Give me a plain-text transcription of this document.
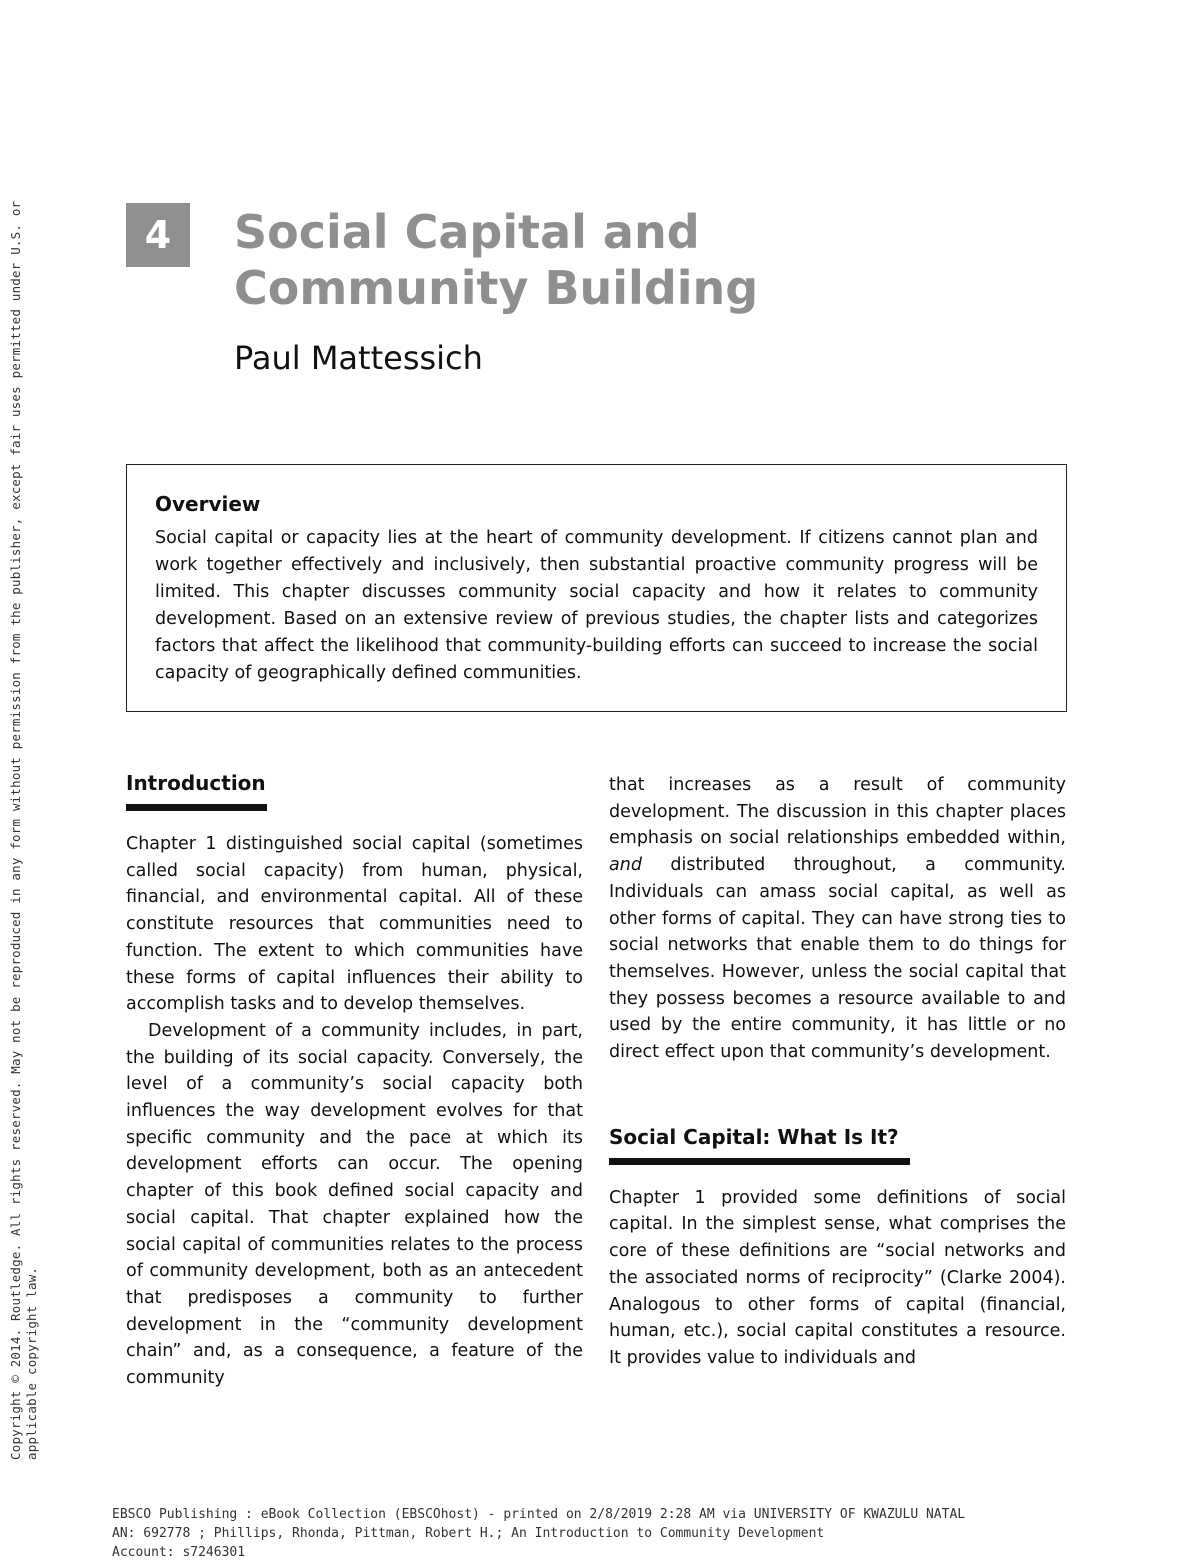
Copyright © 2014. Routledge. All rights reserved. May not be reproduced in any form without permission from the publisher, except fair uses permitted under U.S. or applicable copyright law.
4	Social Capital and
Community Building
Paul Mattessich
Overview

Social capital or capacity lies at the heart of community development. If citizens cannot plan and work together effectively and inclusively, then substantial proactive community progress will be limited. This chapter discusses community social capacity and how it relates to community development. Based on an extensive review of previous studies, the chapter lists and categorizes factors that affect the likelihood that community-building efforts can succeed to increase the social capacity of geographically defined communities.

Introduction

Chapter 1 distinguished social capital (sometimes called social capacity) from human, physical, financial, and environmental capital. All of these constitute resources that communities need to function. The extent to which communities have these forms of capital influences their ability to accomplish tasks and to develop themselves.

Development of a community includes, in part, the building of its social capacity. Conversely, the level of a community’s social capacity both influences the way development evolves for that specific community and the pace at which its development efforts can occur. The opening chapter of this book defined social capacity and social capital. That chapter explained how the social capital of communities relates to the process of community development, both as an antecedent that predisposes a community to further development in the “community development chain” and, as a consequence, a feature of the community

that increases as a result of community development. The discussion in this chapter places emphasis on social relationships embedded within, and distributed throughout, a community. Individuals can amass social capital, as well as other forms of capital. They can have strong ties to social networks that enable them to do things for themselves. However, unless the social capital that they possess becomes a resource available to and used by the entire community, it has little or no direct effect upon that community’s development.

Social Capital: What Is It?

Chapter 1 provided some definitions of social capital. In the simplest sense, what comprises the core of these definitions are “social networks and the associated norms of reciprocity” (Clarke 2004). Analogous to other forms of capital (financial, human, etc.), social capital constitutes a resource. It provides value to individuals and

EBSCO Publishing : eBook Collection (EBSCOhost) - printed on 2/8/2019 2:28 AM via UNIVERSITY OF KWAZULU NATAL
AN: 692778 ; Phillips, Rhonda, Pittman, Robert H.; An Introduction to Community Development
Account: s7246301
